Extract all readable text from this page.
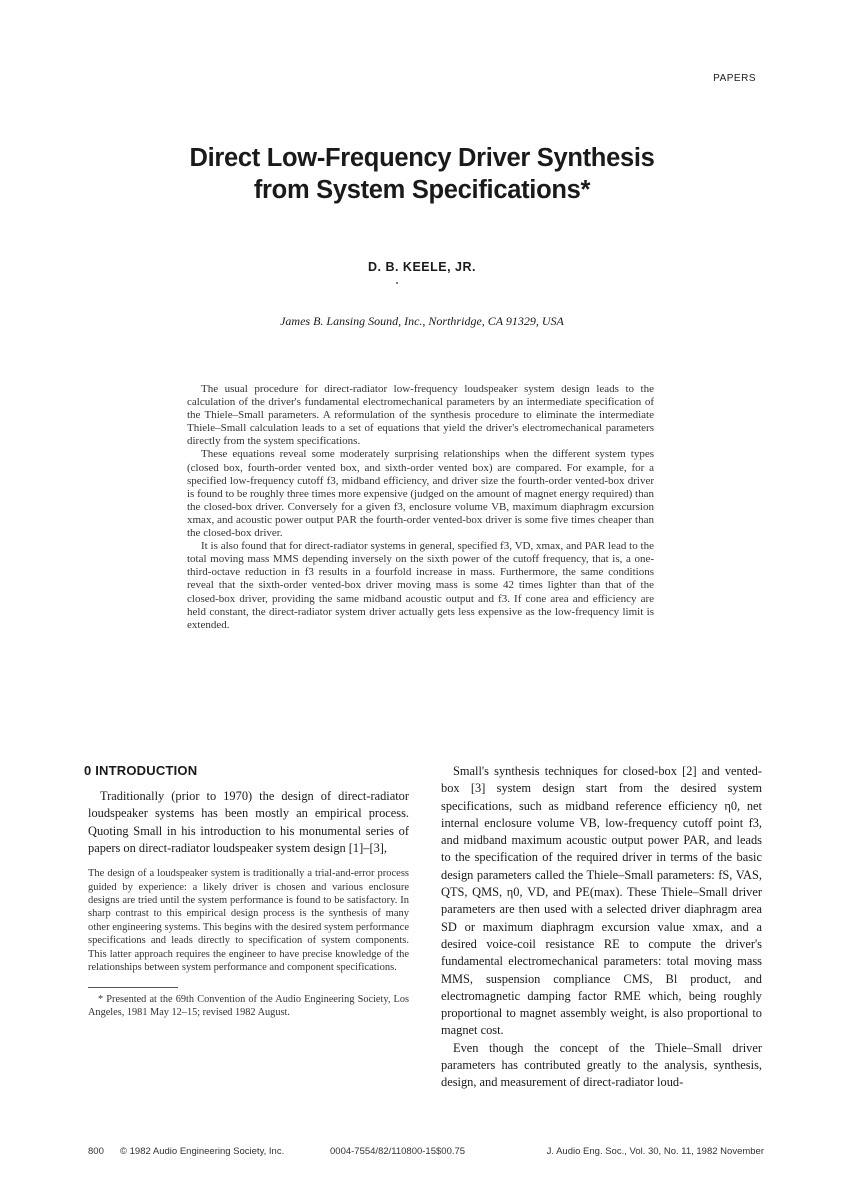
PAPERS
Direct Low-Frequency Driver Synthesis
from System Specifications*
D. B. KEELE, JR.
James B. Lansing Sound, Inc., Northridge, CA 91329, USA

The usual procedure for direct-radiator low-frequency loudspeaker system design leads to the calculation of the driver's fundamental electromechanical parameters by an intermediate specification of the Thiele–Small parameters. A reformulation of the synthesis procedure to eliminate the intermediate Thiele–Small calculation leads to a set of equations that yield the driver's electromechanical parameters directly from the system specifications.

These equations reveal some moderately surprising relationships when the different system types (closed box, fourth-order vented box, and sixth-order vented box) are compared. For example, for a specified low-frequency cutoff f3, midband efficiency, and driver size the fourth-order vented-box driver is found to be roughly three times more expensive (judged on the amount of magnet energy required) than the closed-box driver. Conversely for a given f3, enclosure volume VB, maximum diaphragm excursion xmax, and acoustic power output PAR the fourth-order vented-box driver is some five times cheaper than the closed-box driver.

It is also found that for direct-radiator systems in general, specified f3, VD, xmax, and PAR lead to the total moving mass MMS depending inversely on the sixth power of the cutoff frequency, that is, a one-third-octave reduction in f3 results in a fourfold increase in mass. Furthermore, the same conditions reveal that the sixth-order vented-box driver moving mass is some 42 times lighter than that of the closed-box driver, providing the same midband acoustic output and f3. If cone area and efficiency are held constant, the direct-radiator system driver actually gets less expensive as the low-frequency limit is extended.

0 INTRODUCTION

Traditionally (prior to 1970) the design of direct-radiator loudspeaker systems has been mostly an empirical process. Quoting Small in his introduction to his monumental series of papers on direct-radiator loudspeaker system design [1]–[3],

The design of a loudspeaker system is traditionally a trial-and-error process guided by experience: a likely driver is chosen and various enclosure designs are tried until the system performance is found to be satisfactory. In sharp contrast to this empirical design process is the synthesis of many other engineering systems. This begins with the desired system performance specifications and leads directly to specification of system components. This latter approach requires the engineer to have precise knowledge of the relationships between system performance and component specifications.

* Presented at the 69th Convention of the Audio Engineering Society, Los Angeles, 1981 May 12–15; revised 1982 August.

Small's synthesis techniques for closed-box [2] and vented-box [3] system design start from the desired system specifications, such as midband reference efficiency η0, net internal enclosure volume VB, low-frequency cutoff point f3, and midband maximum acoustic output power PAR, and leads to the specification of the required driver in terms of the basic design parameters called the Thiele–Small parameters: fS, VAS, QTS, QMS, η0, VD, and PE(max). These Thiele–Small driver parameters are then used with a selected driver diaphragm area SD or maximum diaphragm excursion value xmax, and a desired voice-coil resistance RE to compute the driver's fundamental electromechanical parameters: total moving mass MMS, suspension compliance CMS, Bl product, and electromagnetic damping factor RME which, being roughly proportional to magnet assembly weight, is also proportional to magnet cost.

Even though the concept of the Thiele–Small driver parameters has contributed greatly to the analysis, synthesis, design, and measurement of direct-radiator loud-

800 © 1982 Audio Engineering Society, Inc.	0004-7554/82/110800-15$00.75	J. Audio Eng. Soc., Vol. 30, No. 11, 1982 November
